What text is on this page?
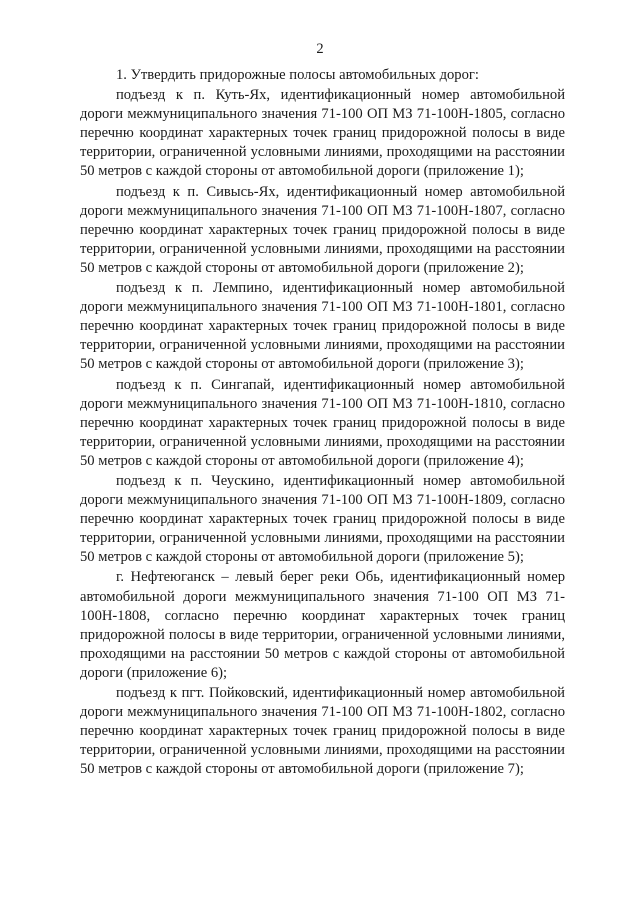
2

1. Утвердить придорожные полосы автомобильных дорог:

подъезд к п. Куть-Ях, идентификационный номер автомобильной дороги межмуниципального значения 71-100 ОП МЗ 71-100Н-1805, согласно перечню координат характерных точек границ придорожной полосы в виде территории, ограниченной условными линиями, проходящими на расстоянии 50 метров с каждой стороны от автомобильной дороги (приложение 1);

подъезд к п. Сивысь-Ях, идентификационный номер автомобильной дороги межмуниципального значения 71-100 ОП МЗ 71-100Н-1807, согласно перечню координат характерных точек границ придорожной полосы в виде территории, ограниченной условными линиями, проходящими на расстоянии 50 метров с каждой стороны от автомобильной дороги (приложение 2);

подъезд к п. Лемпино, идентификационный номер автомобильной дороги межмуниципального значения 71-100 ОП МЗ 71-100Н-1801, согласно перечню координат характерных точек границ придорожной полосы в виде территории, ограниченной условными линиями, проходящими на расстоянии 50 метров с каждой стороны от автомобильной дороги (приложение 3);

подъезд к п. Сингапай, идентификационный номер автомобильной дороги межмуниципального значения 71-100 ОП МЗ 71-100Н-1810, согласно перечню координат характерных точек границ придорожной полосы в виде территории, ограниченной условными линиями, проходящими на расстоянии 50 метров с каждой стороны от автомобильной дороги (приложение 4);

подъезд к п. Чеускино, идентификационный номер автомобильной дороги межмуниципального значения 71-100 ОП МЗ 71-100Н-1809, согласно перечню координат характерных точек границ придорожной полосы в виде территории, ограниченной условными линиями, проходящими на расстоянии 50 метров с каждой стороны от автомобильной дороги (приложение 5);

г. Нефтеюганск – левый берег реки Обь, идентификационный номер автомобильной дороги межмуниципального значения 71-100 ОП МЗ 71-100Н-1808, согласно перечню координат характерных точек границ придорожной полосы в виде территории, ограниченной условными линиями, проходящими на расстоянии 50 метров с каждой стороны от автомобильной дороги (приложение 6);

подъезд к пгт. Пойковский, идентификационный номер автомобильной дороги межмуниципального значения 71-100 ОП МЗ 71-100Н-1802, согласно перечню координат характерных точек границ придорожной полосы в виде территории, ограниченной условными линиями, проходящими на расстоянии 50 метров с каждой стороны от автомобильной дороги (приложение 7);
